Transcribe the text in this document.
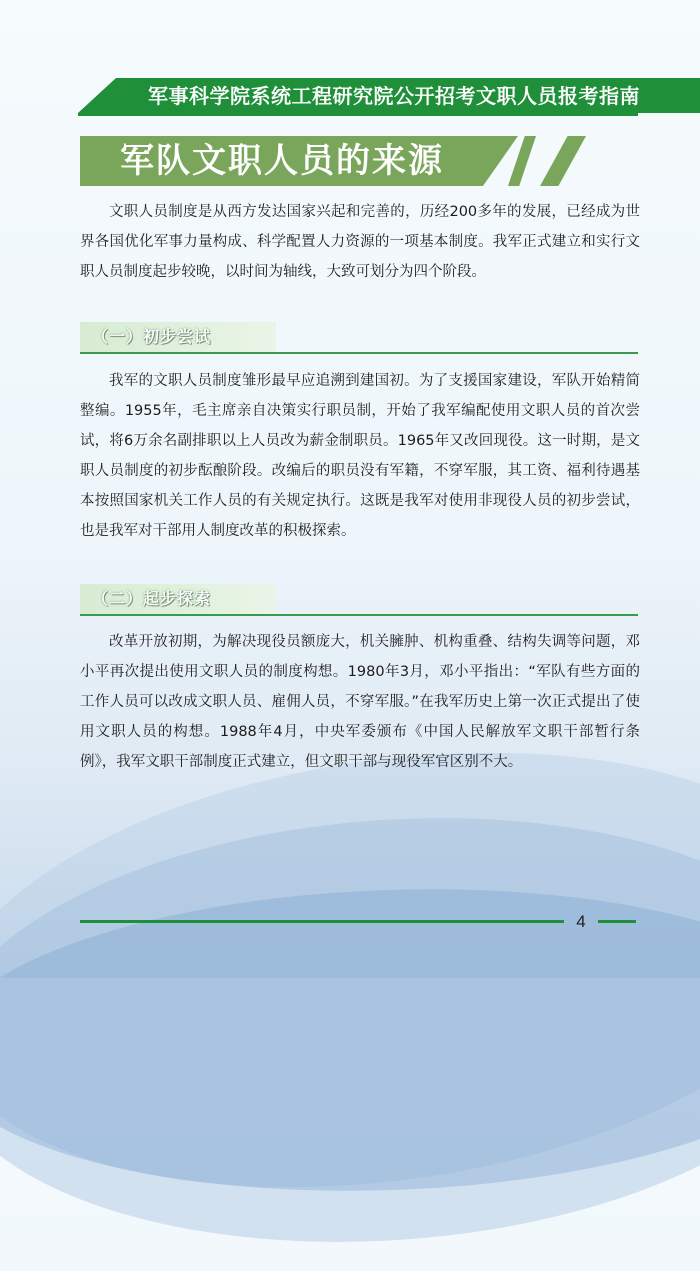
军事科学院系统工程研究院公开招考文职人员报考指南
军队文职人员的来源

文职人员制度是从西方发达国家兴起和完善的，历经200多年的发展，已经成为世界各国优化军事力量构成、科学配置人力资源的一项基本制度。我军正式建立和实行文职人员制度起步较晚，以时间为轴线，大致可划分为四个阶段。

（一）初步尝试

我军的文职人员制度雏形最早应追溯到建国初。为了支援国家建设，军队开始精简整编。1955年，毛主席亲自决策实行职员制，开始了我军编配使用文职人员的首次尝试，将6万余名副排职以上人员改为薪金制职员。1965年又改回现役。这一时期，是文职人员制度的初步酝酿阶段。改编后的职员没有军籍，不穿军服，其工资、福利待遇基本按照国家机关工作人员的有关规定执行。这既是我军对使用非现役人员的初步尝试，也是我军对干部用人制度改革的积极探索。

（二）起步探索

改革开放初期，为解决现役员额庞大，机关臃肿、机构重叠、结构失调等问题，邓小平再次提出使用文职人员的制度构想。1980年3月，邓小平指出：“军队有些方面的工作人员可以改成文职人员、雇佣人员，不穿军服。”在我军历史上第一次正式提出了使用文职人员的构想。1988年4月，中央军委颁布《中国人民解放军文职干部暂行条例》，我军文职干部制度正式建立，但文职干部与现役军官区别不大。

4
